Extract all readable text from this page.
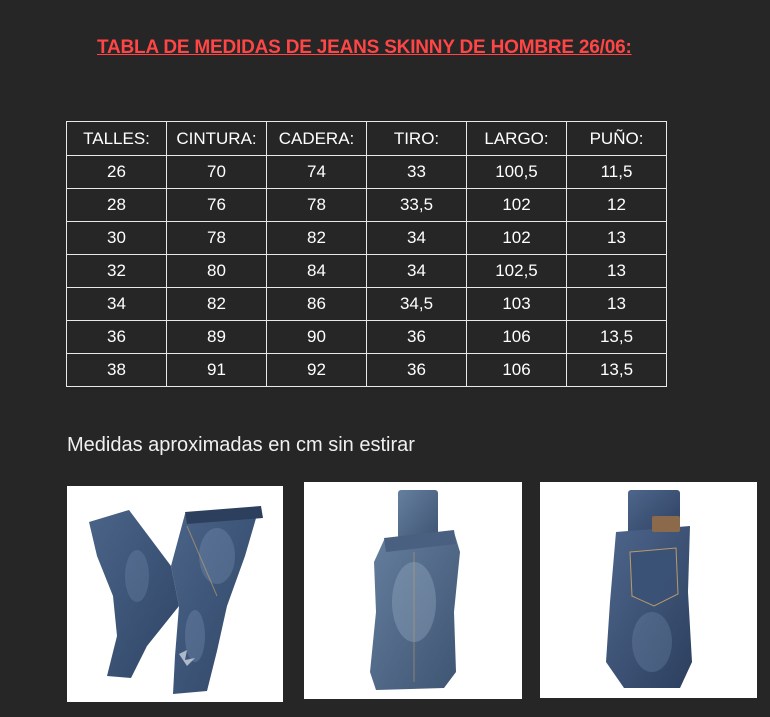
TABLA DE MEDIDAS DE JEANS SKINNY DE HOMBRE 26/06:
TALLES:	CINTURA:	CADERA:	TIRO:	LARGO:	PUÑO:
26	70	74	33	100,5	11,5
28	76	78	33,5	102	12
30	78	82	34	102	13
32	80	84	34	102,5	13
34	82	86	34,5	103	13
36	89	90	36	106	13,5
38	91	92	36	106	13,5
Medidas aproximadas en cm sin estirar
